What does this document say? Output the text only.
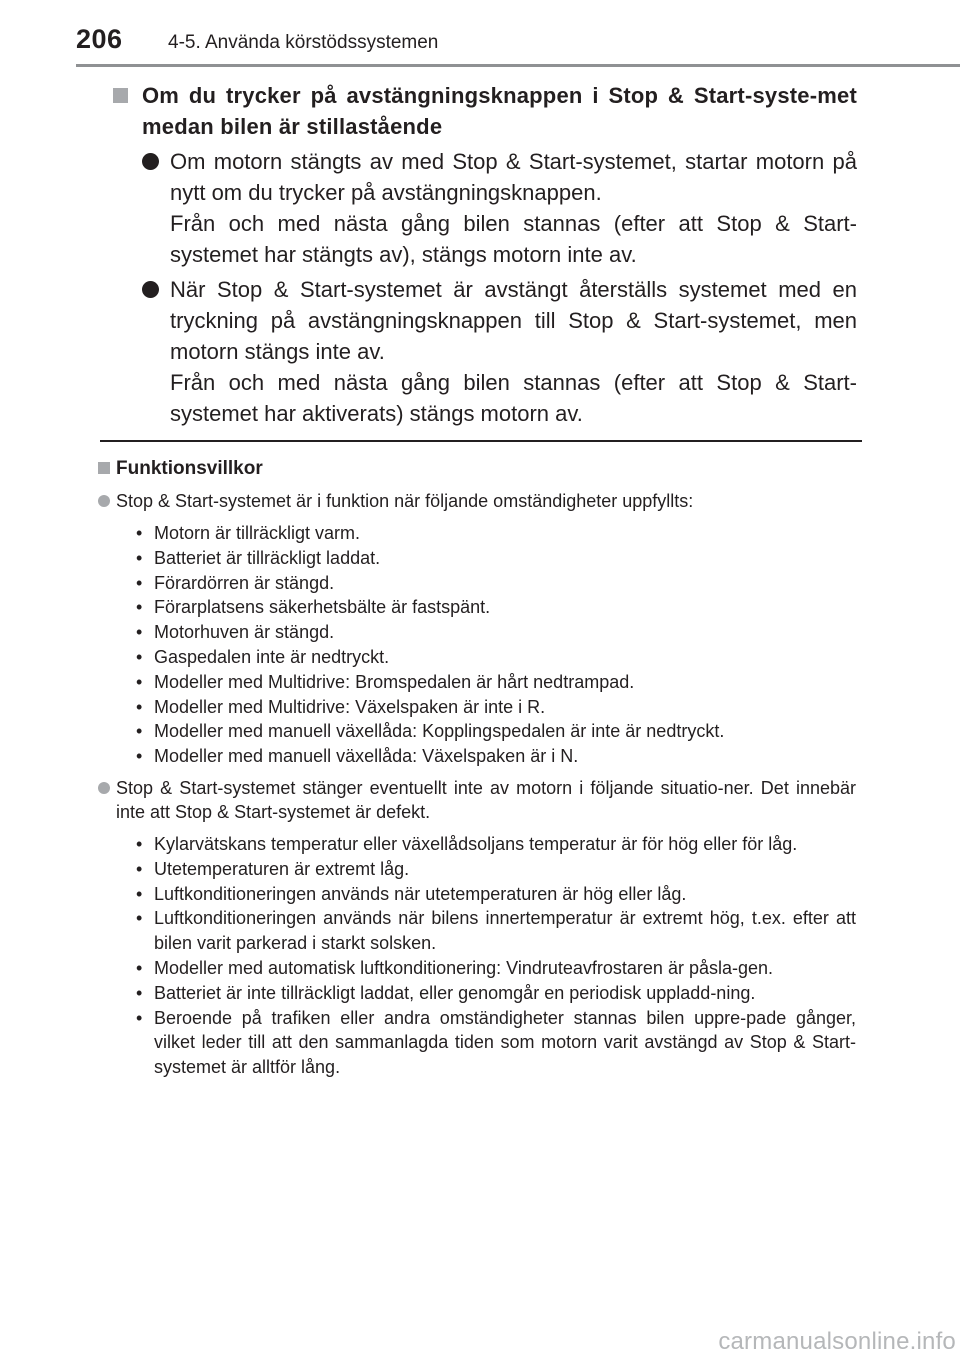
206 4-5. Använda körstödssystemen
Om du trycker på avstängningsknappen i Stop & Start-syste-met medan bilen är stillastående

Om motorn stängts av med Stop & Start-systemet, startar motorn på nytt om du trycker på avstängningsknappen.

Från och med nästa gång bilen stannas (efter att Stop & Start-systemet har stängts av), stängs motorn inte av.

När Stop & Start-systemet är avstängt återställs systemet med en tryckning på avstängningsknappen till Stop & Start-systemet, men motorn stängs inte av.

Från och med nästa gång bilen stannas (efter att Stop & Start-systemet har aktiverats) stängs motorn av.

Funktionsvillkor
Stop & Start-systemet är i funktion när följande omständigheter uppfyllts:
• Motorn är tillräckligt varm.
• Batteriet är tillräckligt laddat.
• Förardörren är stängd.
• Förarplatsens säkerhetsbälte är fastspänt.
• Motorhuven är stängd.
• Gaspedalen inte är nedtryckt.
• Modeller med Multidrive: Bromspedalen är hårt nedtrampad.
• Modeller med Multidrive: Växelspaken är inte i R.
• Modeller med manuell växellåda: Kopplingspedalen är inte är nedtryckt.
• Modeller med manuell växellåda: Växelspaken är i N.
Stop & Start-systemet stänger eventuellt inte av motorn i följande situatio-ner. Det innebär inte att Stop & Start-systemet är defekt.
• Kylarvätskans temperatur eller växellådsoljans temperatur är för hög eller för låg.
• Utetemperaturen är extremt låg.
• Luftkonditioneringen används när utetemperaturen är hög eller låg.
• Luftkonditioneringen används när bilens innertemperatur är extremt hög, t.ex. efter att bilen varit parkerad i starkt solsken.
• Modeller med automatisk luftkonditionering: Vindruteavfrostaren är påsla-gen.
• Batteriet är inte tillräckligt laddat, eller genomgår en periodisk uppladd-ning.
• Beroende på trafiken eller andra omständigheter stannas bilen uppre-pade gånger, vilket leder till att den sammanlagda tiden som motorn varit avstängd av Stop & Start-systemet är alltför lång.
carmanualsonline.info
